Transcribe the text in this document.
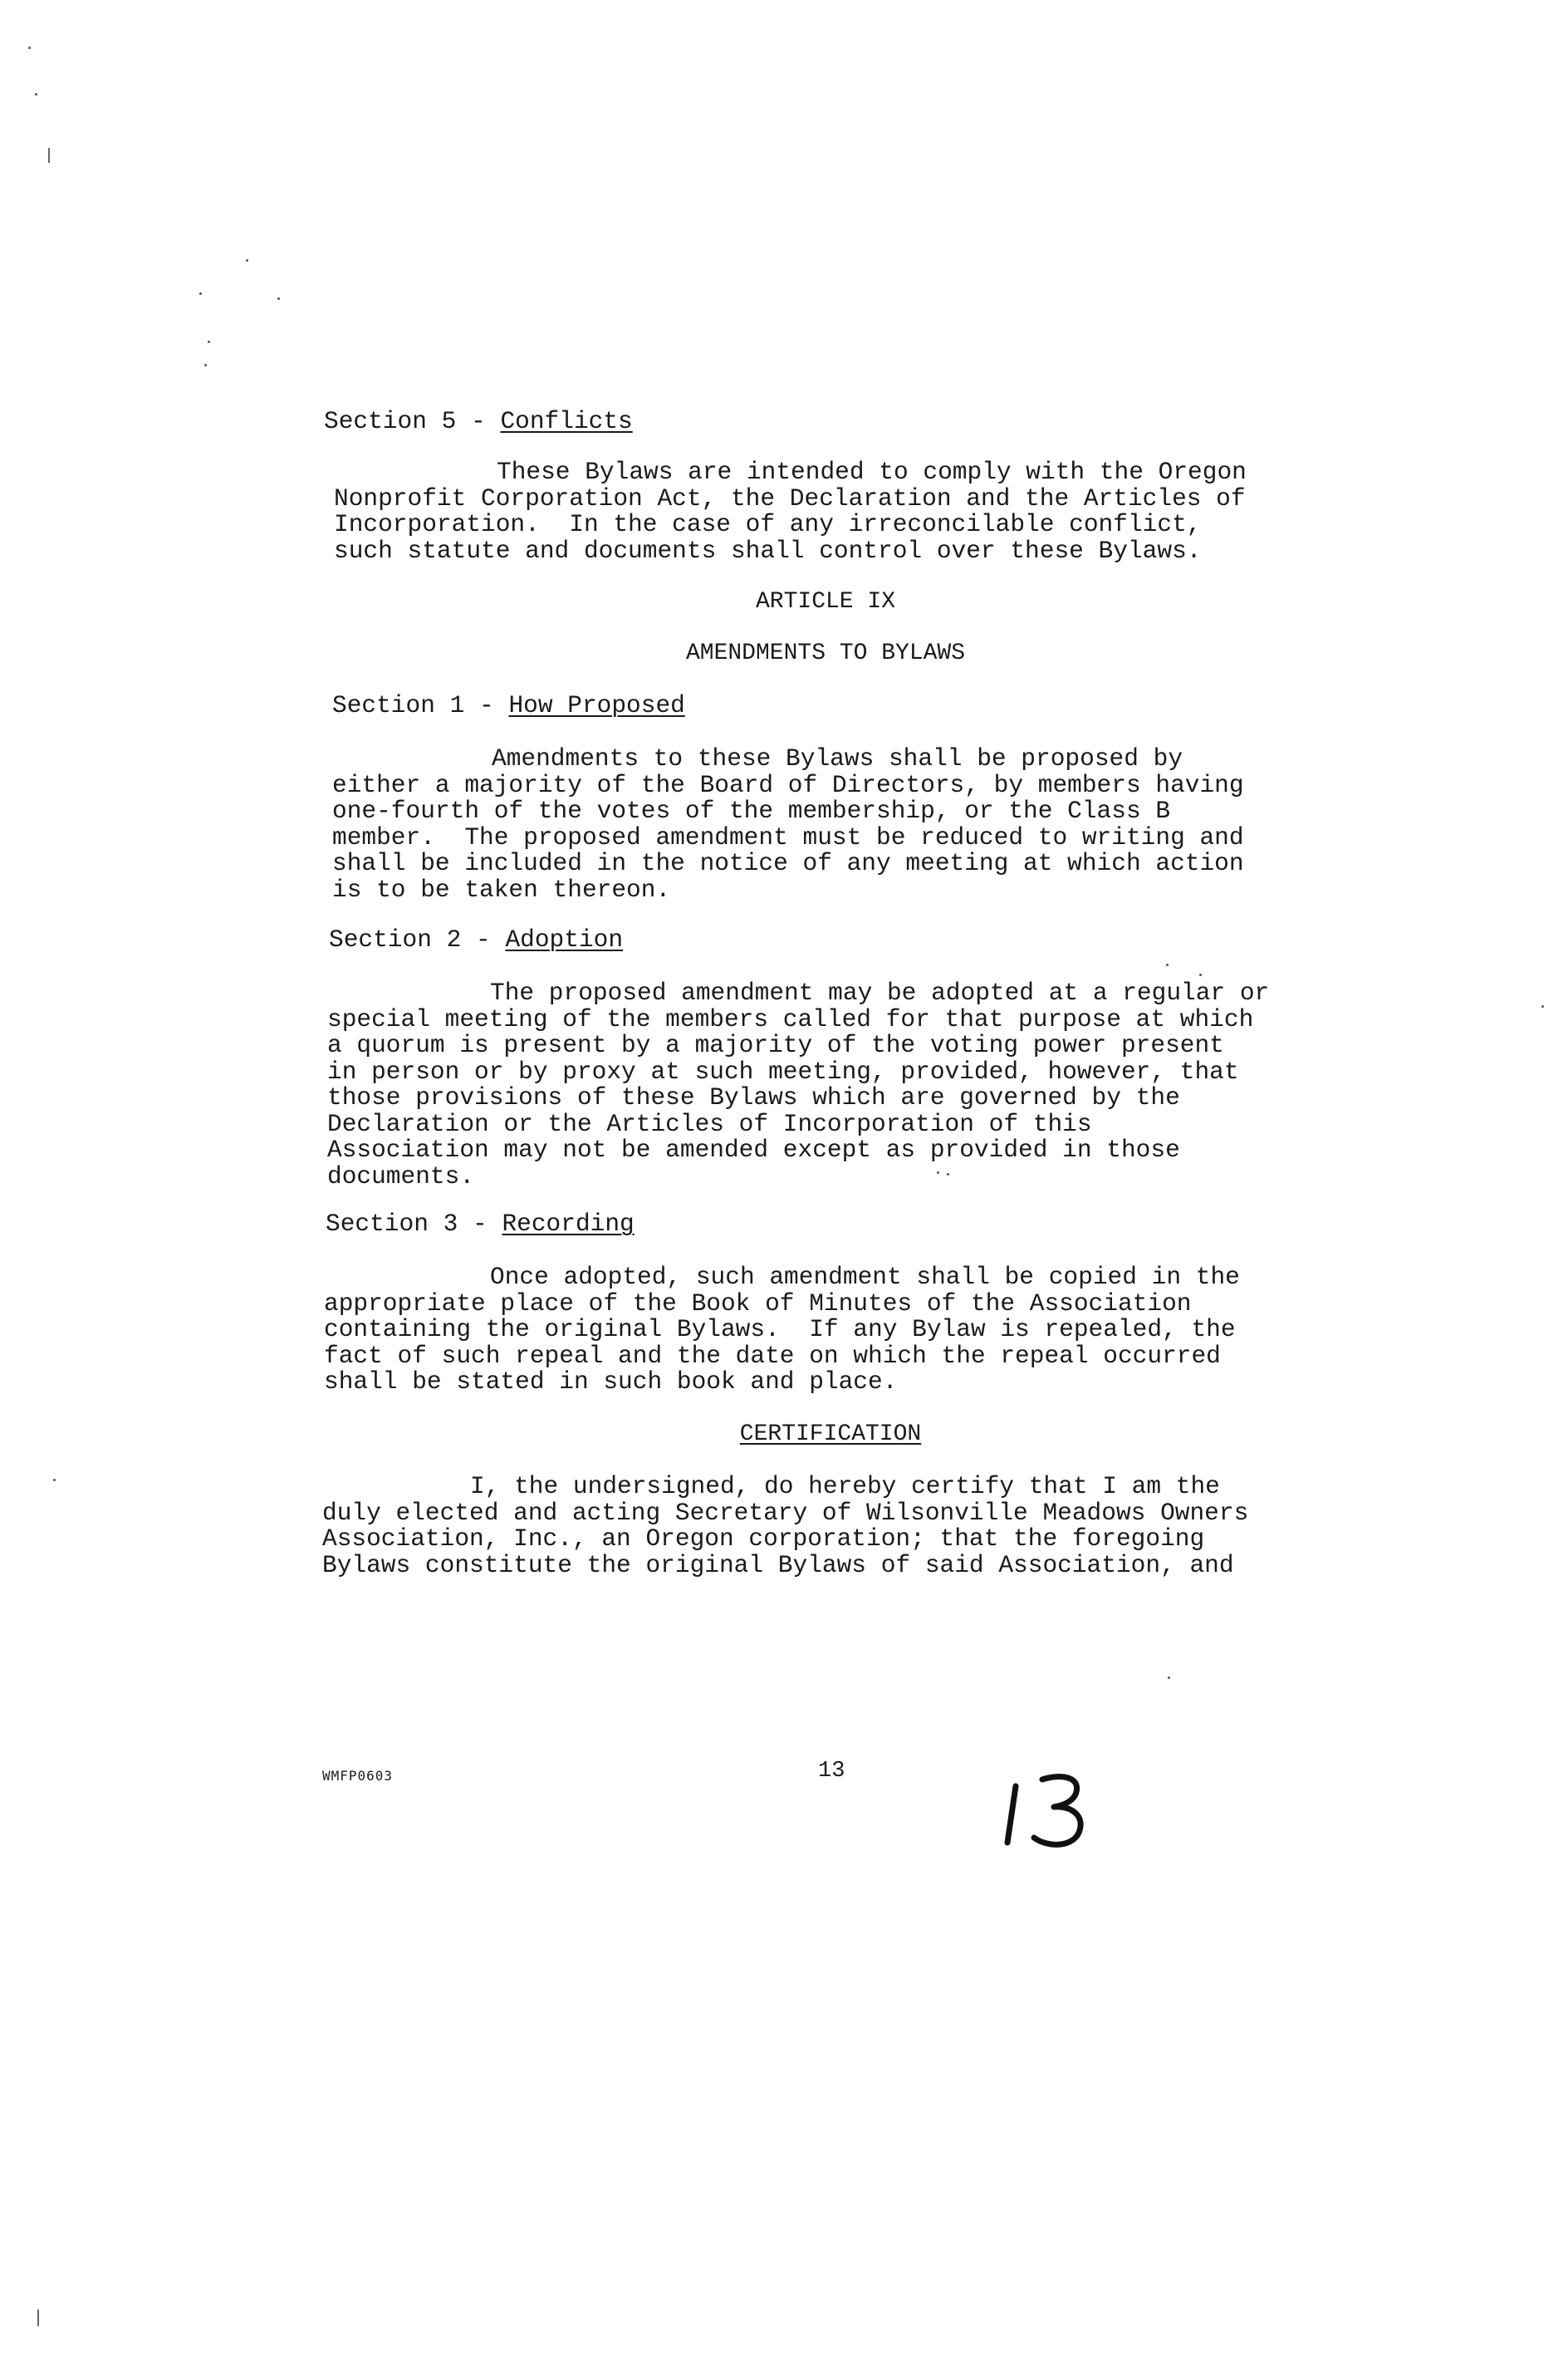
Section 5 - Conflicts
These Bylaws are intended to comply with the Oregon
Nonprofit Corporation Act, the Declaration and the Articles of
Incorporation.  In the case of any irreconcilable conflict,
such statute and documents shall control over these Bylaws.
ARTICLE IX
AMENDMENTS TO BYLAWS
Section 1 - How Proposed
Amendments to these Bylaws shall be proposed by
either a majority of the Board of Directors, by members having
one-fourth of the votes of the membership, or the Class B
member.  The proposed amendment must be reduced to writing and
shall be included in the notice of any meeting at which action
is to be taken thereon.
Section 2 - Adoption
The proposed amendment may be adopted at a regular or
special meeting of the members called for that purpose at which
a quorum is present by a majority of the voting power present
in person or by proxy at such meeting, provided, however, that
those provisions of these Bylaws which are governed by the
Declaration or the Articles of Incorporation of this
Association may not be amended except as provided in those
documents.
Section 3 - Recording
Once adopted, such amendment shall be copied in the
appropriate place of the Book of Minutes of the Association
containing the original Bylaws.  If any Bylaw is repealed, the
fact of such repeal and the date on which the repeal occurred
shall be stated in such book and place.
CERTIFICATION
I, the undersigned, do hereby certify that I am the
duly elected and acting Secretary of Wilsonville Meadows Owners
Association, Inc., an Oregon corporation; that the foregoing
Bylaws constitute the original Bylaws of said Association, and
WMFP0603	13
